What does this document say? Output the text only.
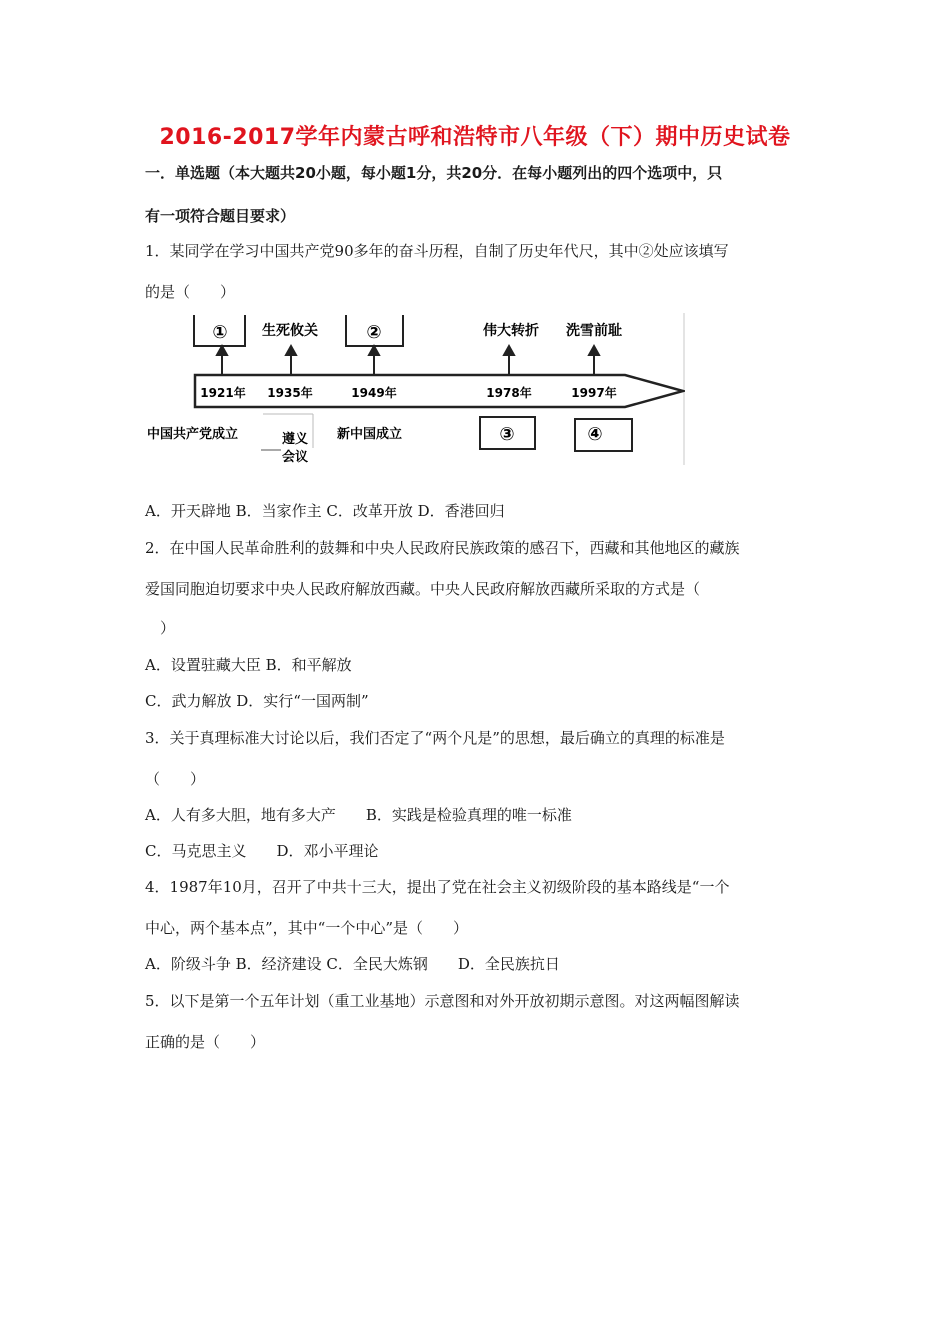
2016-2017学年内蒙古呼和浩特市八年级（下）期中历史试卷
一．单选题（本大题共20小题，每小题1分，共20分．在每小题列出的四个选项中，只
有一项符合题目要求）
1．某同学在学习中国共产党90多年的奋斗历程，自制了历史年代尺，其中②处应该填写
的是（　　）
① 生死攸关	②	伟大转折 洗雪前耻
1921年 1935年	1949年	1978年	1997年
中国共产党成立	遵义
会议
新中国成立	③	④
A．开天辟地 B．当家作主 C．改革开放 D．香港回归
2．在中国人民革命胜利的鼓舞和中央人民政府民族政策的感召下，西藏和其他地区的藏族
爱国同胞迫切要求中央人民政府解放西藏。中央人民政府解放西藏所采取的方式是（
）
A．设置驻藏大臣 B．和平解放
C．武力解放 D．实行“一国两制”
3．关于真理标准大讨论以后，我们否定了“两个凡是”的思想，最后确立的真理的标准是
（　　）
A．人有多大胆，地有多大产　　B．实践是检验真理的唯一标准
C．马克思主义　　D．邓小平理论
4．1987年10月，召开了中共十三大，提出了党在社会主义初级阶段的基本路线是“一个
中心，两个基本点”，其中“一个中心”是（　　）
A．阶级斗争 B．经济建设 C．全民大炼钢　　D．全民族抗日
5．以下是第一个五年计划（重工业基地）示意图和对外开放初期示意图。对这两幅图解读
正确的是（　　）
